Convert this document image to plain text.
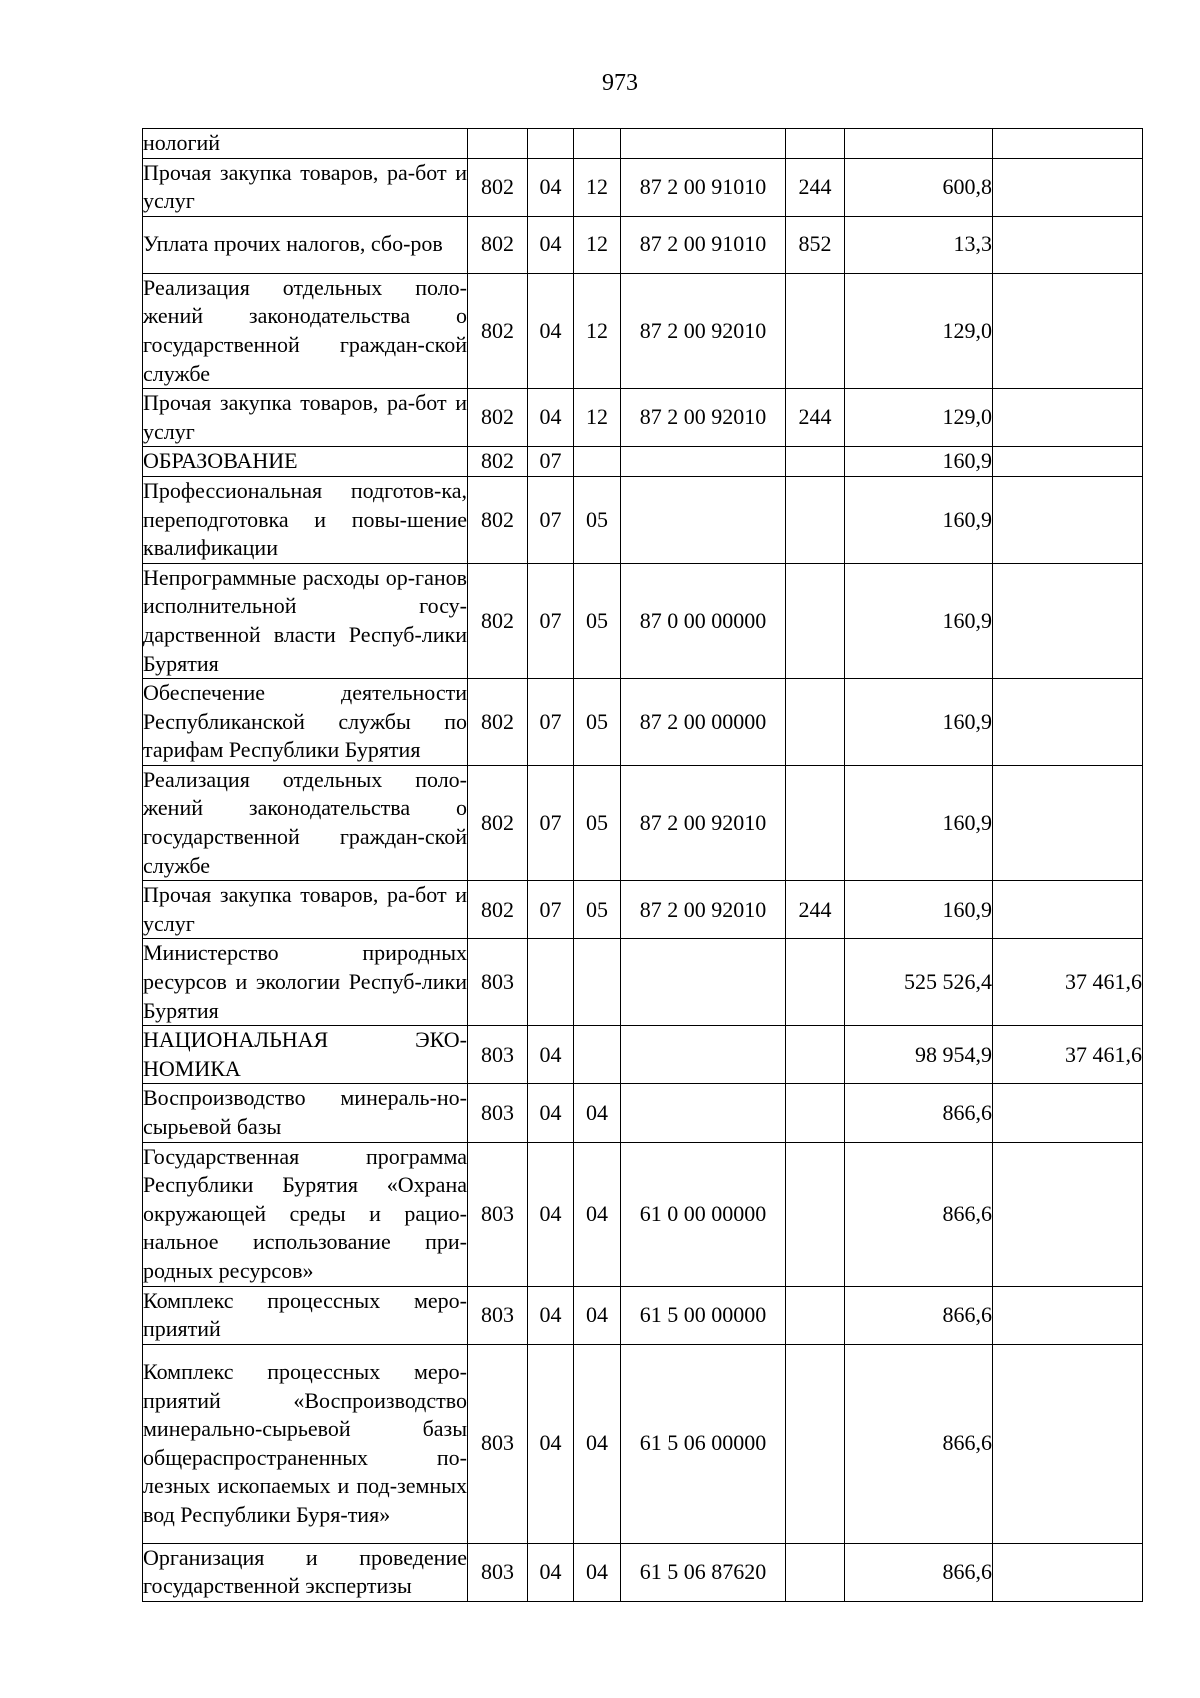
973
нологий							
Прочая закупка товаров, ра-бот и услуг	802	04	12	87 2 00 91010	244	600,8	
Уплата прочих налогов, сбо-ров	802	04	12	87 2 00 91010	852	13,3	
Реализация отдельных поло-жений законодательства о государственной граждан-ской службе	802	04	12	87 2 00 92010		129,0	
Прочая закупка товаров, ра-бот и услуг	802	04	12	87 2 00 92010	244	129,0	
ОБРАЗОВАНИЕ	802	07				160,9	
Профессиональная подготов-ка, переподготовка и повы-шение квалификации	802	07	05			160,9	
Непрограммные расходы ор-ганов исполнительной госу-дарственной власти Респуб-лики Бурятия	802	07	05	87 0 00 00000		160,9	
Обеспечение деятельности Республиканской службы по тарифам Республики Бурятия	802	07	05	87 2 00 00000		160,9	
Реализация отдельных поло-жений законодательства о государственной граждан-ской службе	802	07	05	87 2 00 92010		160,9	
Прочая закупка товаров, ра-бот и услуг	802	07	05	87 2 00 92010	244	160,9	
Министерство природных ресурсов и экологии Респуб-лики Бурятия	803					525 526,4	37 461,6
НАЦИОНАЛЬНАЯ ЭКО-НОМИКА	803	04				98 954,9	37 461,6
Воспроизводство минераль-но-сырьевой базы	803	04	04			866,6	
Государственная программа Республики Бурятия «Охрана окружающей среды и рацио-нальное использование при-родных ресурсов»	803	04	04	61 0 00 00000		866,6	
Комплекс процессных меро-приятий	803	04	04	61 5 00 00000		866,6	
Комплекс процессных меро-приятий «Воспроизводство минерально-сырьевой базы общераспространенных по-лезных ископаемых и под-земных вод Республики Буря-тия»	803	04	04	61 5 06 00000		866,6	
Организация и проведение государственной экспертизы	803	04	04	61 5 06 87620		866,6	
